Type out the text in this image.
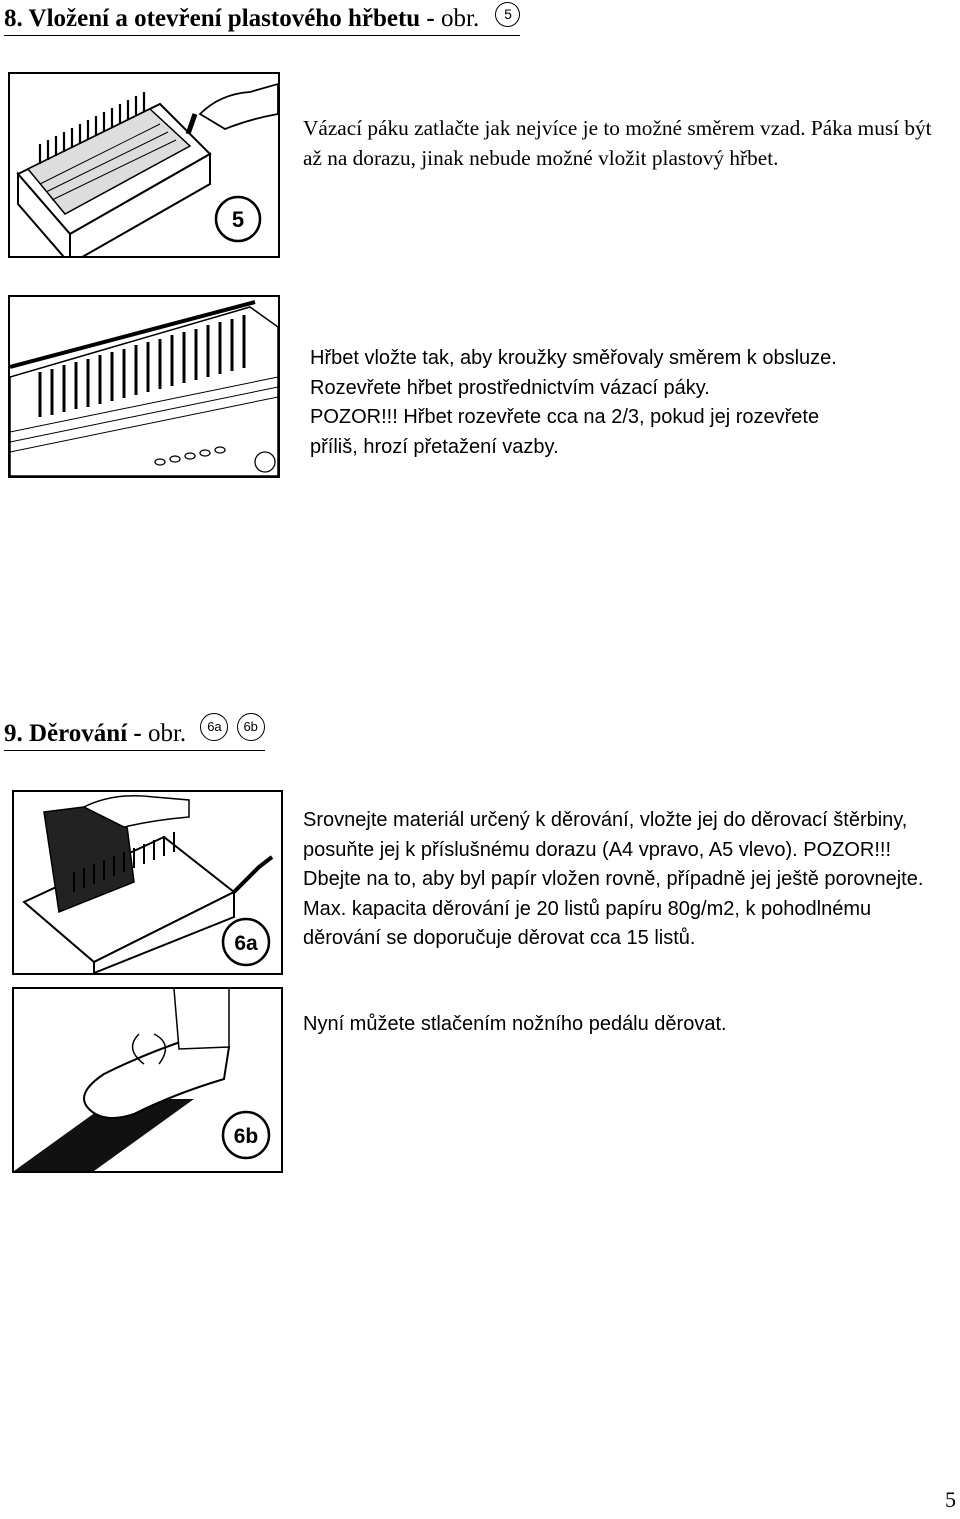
8. Vložení a otevření plastového hřbetu - obr. 5
5
Vázací páku zatlačte jak nejvíce je to možné směrem vzad. Páka musí být až na dorazu, jinak nebude možné vložit plastový hřbet.
Hřbet vložte tak, aby kroužky směřovaly směrem k obsluze.
Rozevřete hřbet prostřednictvím vázací páky.
POZOR!!! Hřbet rozevřete cca na 2/3, pokud jej rozevřete
příliš, hrozí přetažení vazby.
9. Děrování - obr. 6a 6b
6a
Srovnejte materiál určený k děrování, vložte jej do děrovací štěrbiny, posuňte jej k příslušnému dorazu (A4 vpravo, A5 vlevo). POZOR!!! Dbejte na to, aby byl papír vložen rovně, případně jej ještě porovnejte. Max. kapacita děrování je 20 listů papíru 80g/m2, k pohodlnému děrování se doporučuje děrovat cca 15 listů.
6b
Nyní můžete stlačením nožního pedálu děrovat.
5
